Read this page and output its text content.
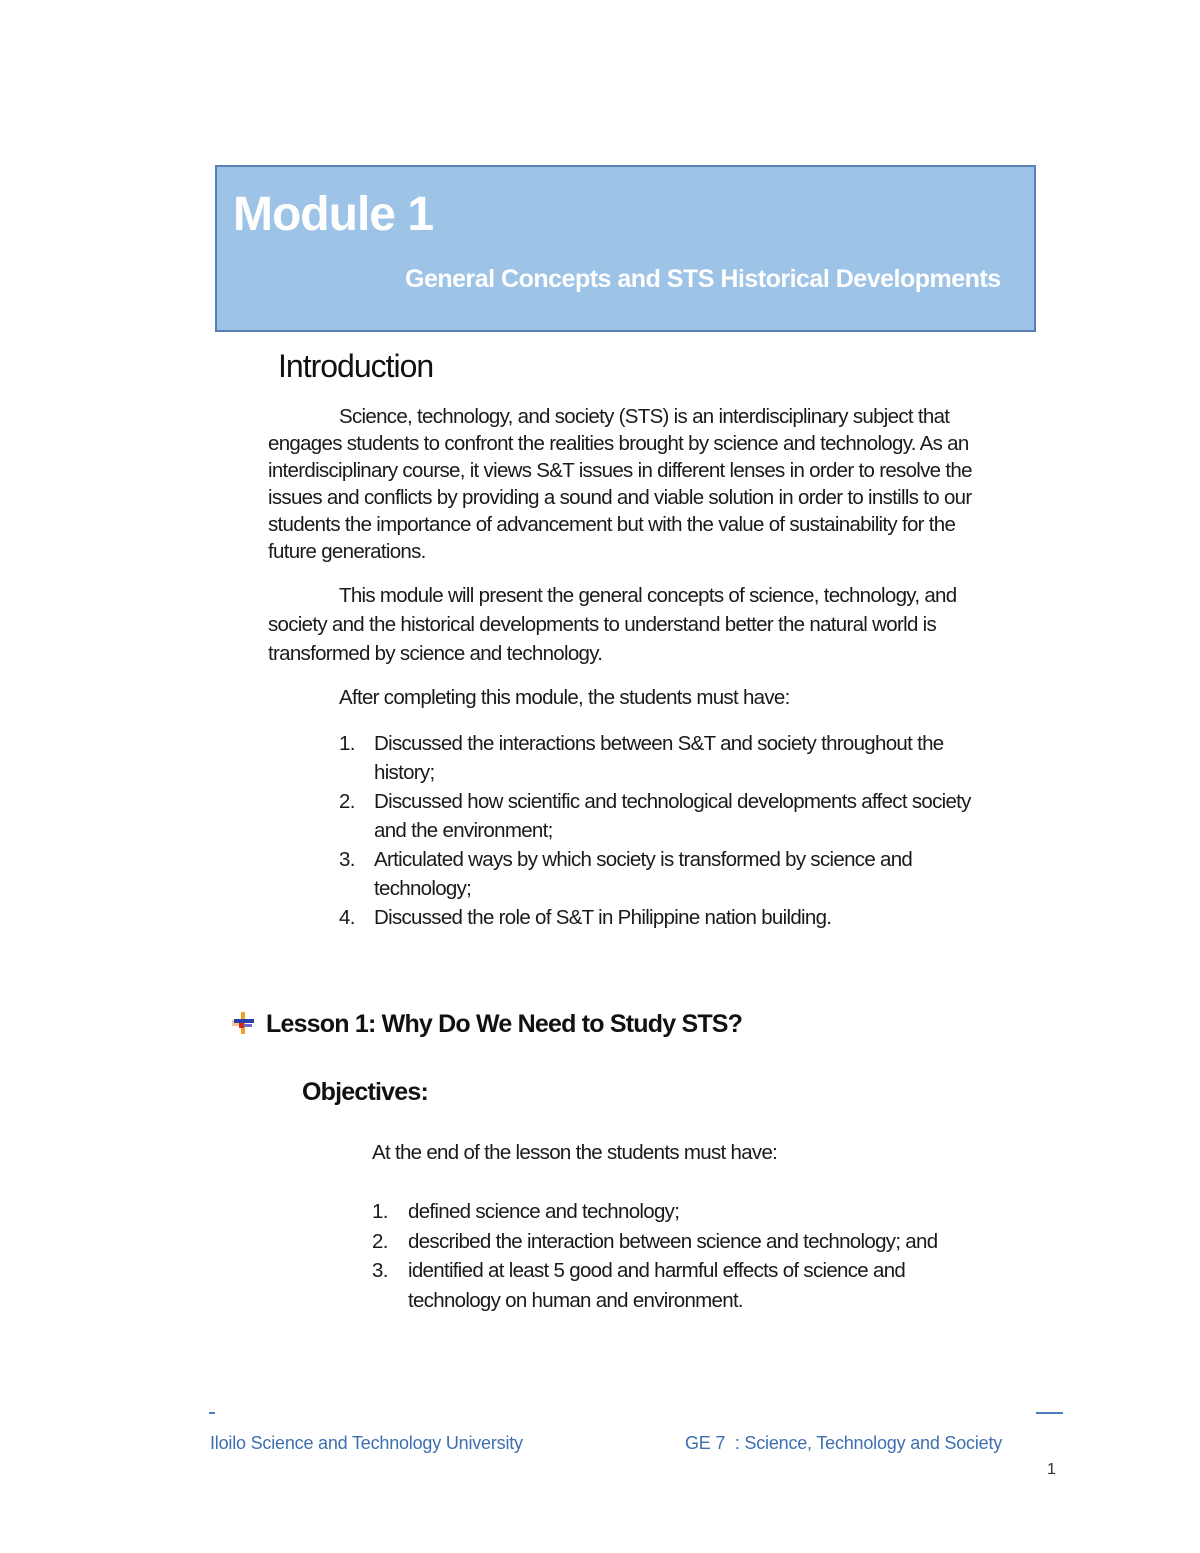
Module 1
General Concepts and STS Historical Developments
Introduction
Science, technology, and society (STS) is an interdisciplinary subject that engages students to confront the realities brought by science and technology. As an interdisciplinary course, it views S&T issues in different lenses in order to resolve the issues and conflicts by providing a sound and viable solution in order to instills to our students the importance of advancement but with the value of sustainability for the future generations.
This module will present the general concepts of science, technology, and society and the historical developments to understand better the natural world is transformed by science and technology.
After completing this module, the students must have:
1. Discussed the interactions between S&T and society throughout the history;
2. Discussed how scientific and technological developments affect society and the environment;
3. Articulated ways by which society is transformed by science and technology;
4. Discussed the role of S&T in Philippine nation building.
Lesson 1: Why Do We Need to Study STS?
Objectives:
At the end of the lesson the students must have:
1. defined science and technology;
2. described the interaction between science and technology; and
3. identified at least 5 good and harmful effects of science and technology on human and environment.
Iloilo Science and Technology University	GE 7  : Science, Technology and Society
1
